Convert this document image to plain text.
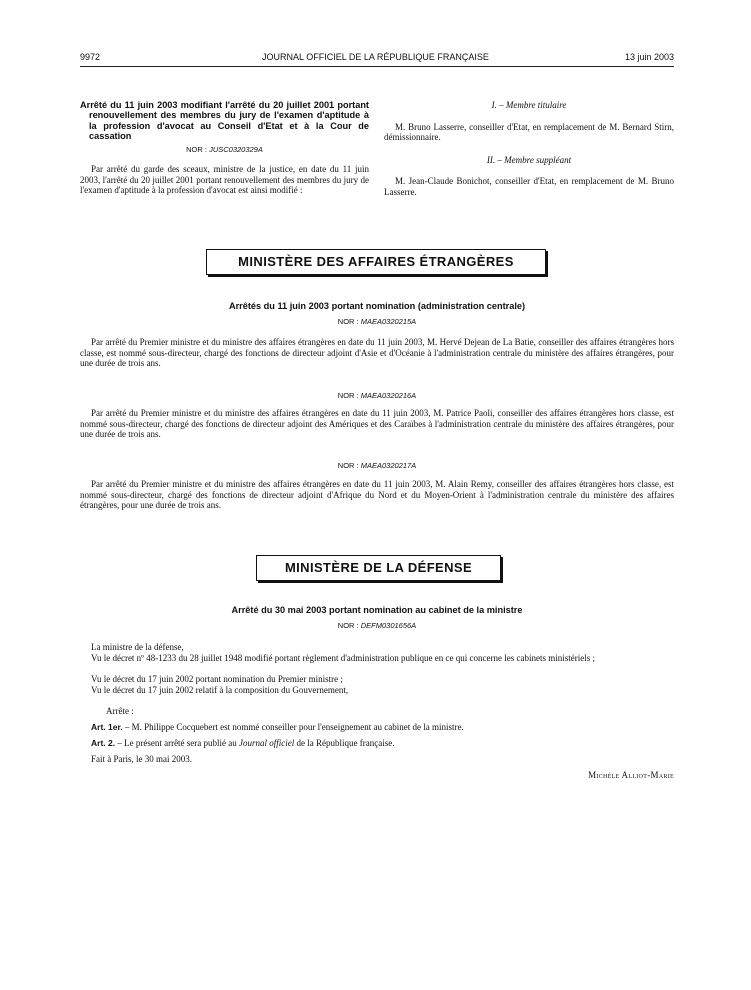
9972	JOURNAL OFFICIEL DE LA RÉPUBLIQUE FRANÇAISE	13 juin 2003
Arrêté du 11 juin 2003 modifiant l'arrêté du 20 juillet 2001 portant renouvellement des membres du jury de l'examen d'aptitude à la profession d'avocat au Conseil d'Etat et à la Cour de cassation
NOR : JUSC0320329A

Par arrêté du garde des sceaux, ministre de la justice, en date du 11 juin 2003, l'arrêté du 20 juillet 2001 portant renouvellement des membres du jury de l'examen d'aptitude à la profession d'avocat est ainsi modifié :

I. – Membre titulaire

M. Bruno Lasserre, conseiller d'Etat, en remplacement de M. Bernard Stirn, démissionnaire.

II. – Membre suppléant

M. Jean-Claude Bonichot, conseiller d'Etat, en remplacement de M. Bruno Lasserre.

MINISTÈRE DES AFFAIRES ÉTRANGÈRES
Arrêtés du 11 juin 2003 portant nomination (administration centrale)
NOR : MAEA0320215A

Par arrêté du Premier ministre et du ministre des affaires étrangères en date du 11 juin 2003, M. Hervé Dejean de La Batie, conseiller des affaires étrangères hors classe, est nommé sous-directeur, chargé des fonctions de directeur adjoint d'Asie et d'Océanie à l'administration centrale du ministère des affaires étrangères, pour une durée de trois ans.

NOR : MAEA0320216A

Par arrêté du Premier ministre et du ministre des affaires étrangères en date du 11 juin 2003, M. Patrice Paoli, conseiller des affaires étrangères hors classe, est nommé sous-directeur, chargé des fonctions de directeur adjoint des Amériques et des Caraïbes à l'administration centrale du ministère des affaires étrangères, pour une durée de trois ans.

NOR : MAEA0320217A

Par arrêté du Premier ministre et du ministre des affaires étrangères en date du 11 juin 2003, M. Alain Remy, conseiller des affaires étrangères hors classe, est nommé sous-directeur, chargé des fonctions de directeur adjoint d'Afrique du Nord et du Moyen-Orient à l'administration centrale du ministère des affaires étrangères, pour une durée de trois ans.

MINISTÈRE DE LA DÉFENSE
Arrêté du 30 mai 2003 portant nomination au cabinet de la ministre
NOR : DEFM0301656A
La ministre de la défense,

Vu le décret nº 48-1233 du 28 juillet 1948 modifié portant règlement d'administration publique en ce qui concerne les cabinets ministériels ;

Vu le décret du 17 juin 2002 portant nomination du Premier ministre ;
Vu le décret du 17 juin 2002 relatif à la composition du Gouvernement,
Arrête :
Art. 1er. – M. Philippe Cocquebert est nommé conseiller pour l'enseignement au cabinet de la ministre.
Art. 2. – Le présent arrêté sera publié au Journal officiel de la République française.
Fait à Paris, le 30 mai 2003.
Michèle Alliot-Marie
